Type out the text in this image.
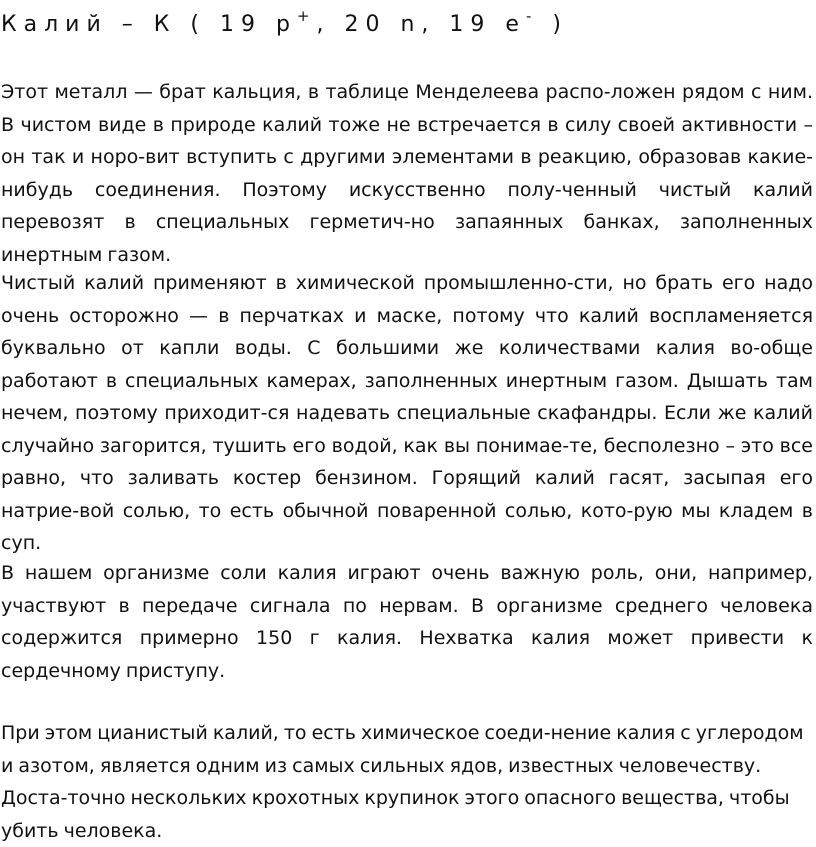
Калий – К ( 19 р+, 20 n, 19 е- )

Этот металл — брат кальция, в таблице Менделеева распо-ложен рядом с ним. В чистом виде в природе калий тоже не встречается в силу своей активности – он так и норо-вит вступить с другими элементами в реакцию, образовав какие-нибудь соединения. Поэтому искусственно полу-ченный чистый калий перевозят в специальных герметич-но запаянных банках, заполненных инертным газом.

Чистый калий применяют в химической промышленно-сти, но брать его надо очень осторожно — в перчатках и маске, потому что калий воспламеняется буквально от капли воды. С большими же количествами калия во-обще работают в специальных камерах, заполненных инертным газом. Дышать там нечем, поэтому приходит-ся надевать специальные скафандры. Если же калий случайно загорится, тушить его водой, как вы понимае-те, бесполезно – это все равно, что заливать костер бензином. Горящий калий гасят, засыпая его натрие-вой солью, то есть обычной поваренной солью, кото-рую мы кладем в суп.

В нашем организме соли калия играют очень важную роль, они, например, участвуют в передаче сигнала по нервам. В организме среднего человека содержится примерно 150 г калия. Нехватка калия может привести к сердечному приступу.

При этом цианистый калий, то есть химическое соеди-нение калия с углеродом и азотом, является одним из самых сильных ядов, известных человечеству. Доста-точно нескольких крохотных крупинок этого опасного вещества, чтобы убить человека.
